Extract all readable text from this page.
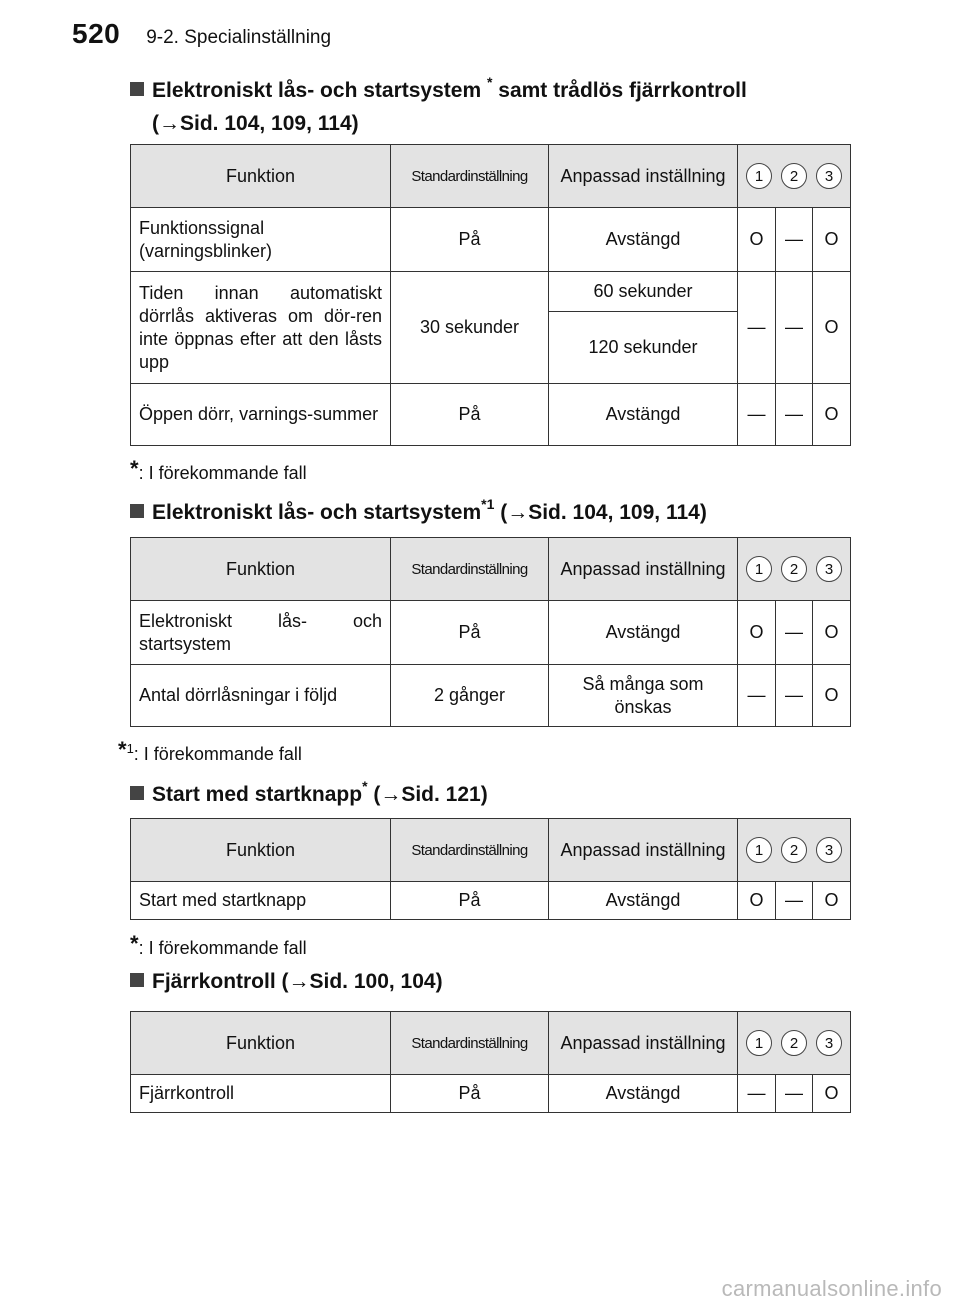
520 9-2. Specialinställning
Elektroniskt lås- och startsystem * samt trådlös fjärrkontroll
(→Sid. 104, 109, 114)
Funktion	Standardinställning	Anpassad inställning	1 2 3		

Funktionssignal (varningsblinker)	På	Avstängd	O	—	O
Tiden innan automatiskt dörrlås aktiveras om dör-ren inte öppnas efter att den låsts upp	30 sekunder	60 sekunder	—	—	O
		120 sekunder			
Öppen dörr, varnings-summer	På	Avstängd	—	—	O
*: I förekommande fall
Elektroniskt lås- och startsystem$^{*1}$ (→Sid. 104, 109, 114)
Funktion	Standardinställning	Anpassad inställning	1 2 3		

Elektroniskt lås- och startsystem	På	Avstängd	O	—	O
Antal dörrlåsningar i följd	2 gånger	Så många som önskas	—	—	O
*$^1$: I förekommande fall
Start med startknapp* (→Sid. 121)
Funktion	Standardinställning	Anpassad inställning	1 2 3		

Start med startknapp	På	Avstängd	O	—	O
*: I förekommande fall
Fjärrkontroll (→Sid. 100, 104)
Funktion	Standardinställning	Anpassad inställning	1 2 3		

Fjärrkontroll	På	Avstängd	—	—	O
carmanualsonline.info
